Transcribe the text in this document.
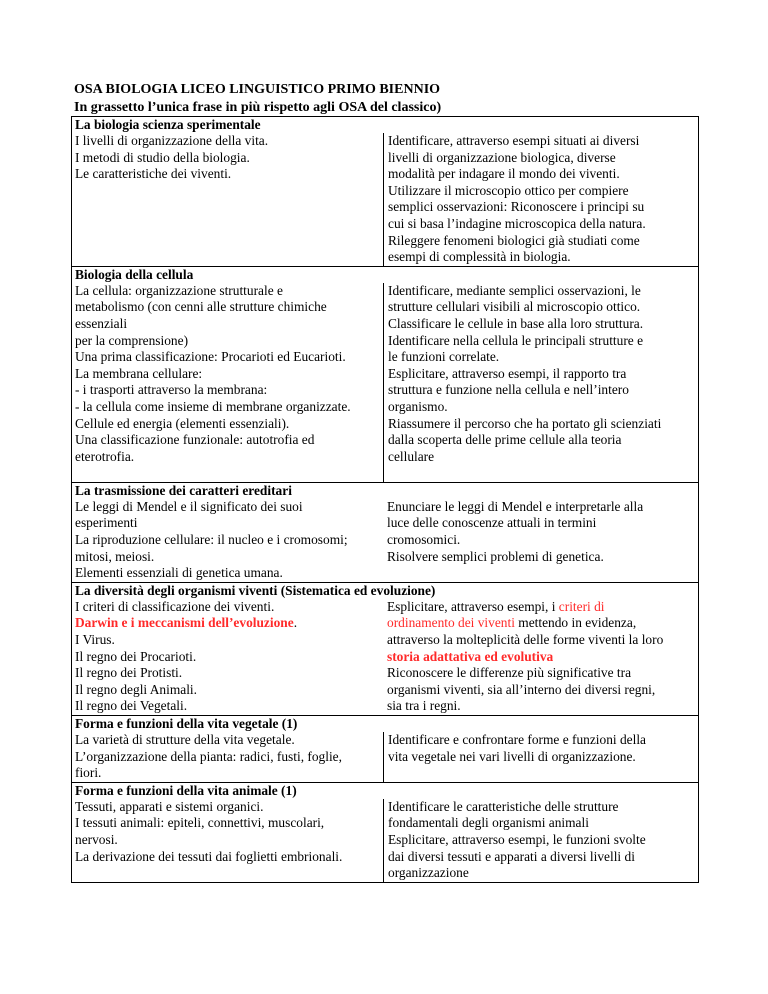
OSA BIOLOGIA LICEO LINGUISTICO PRIMO BIENNIO
In grassetto l’unica frase in più rispetto agli OSA del classico)
La biologia scienza sperimentale
I livelli di organizzazione della vita.
I metodi di studio della biologia.
Le caratteristiche dei viventi.
Identificare, attraverso esempi situati ai diversi
livelli di organizzazione biologica, diverse
modalità per indagare il mondo dei viventi.
Utilizzare il microscopio ottico per compiere
semplici osservazioni: Riconoscere i principi su
cui si basa l’indagine microscopica della natura.
Rileggere fenomeni biologici già studiati come
esempi di complessità in biologia.
Biologia della cellula
La cellula: organizzazione strutturale e
metabolismo (con cenni alle strutture chimiche
essenziali
per la comprensione)
Una prima classificazione: Procarioti ed Eucarioti.
La membrana cellulare:
- i trasporti attraverso la membrana:
- la cellula come insieme di membrane organizzate.
Cellule ed energia (elementi essenziali).
Una classificazione funzionale: autotrofia ed
eterotrofia.

Identificare, mediante semplici osservazioni, le
strutture cellulari visibili al microscopio ottico.
Classificare le cellule in base alla loro struttura.
Identificare nella cellula le principali strutture e
le funzioni correlate.
Esplicitare, attraverso esempi, il rapporto tra
struttura e funzione nella cellula e nell’intero
organismo.
Riassumere il percorso che ha portato gli scienziati
dalla scoperta delle prime cellule alla teoria
cellulare

La trasmissione dei caratteri ereditari
Le leggi di Mendel e il significato dei suoi
esperimenti
La riproduzione cellulare: il nucleo e i cromosomi;
mitosi, meiosi.
Elementi essenziali di genetica umana.
Enunciare le leggi di Mendel e interpretarle alla
luce delle conoscenze attuali in termini
cromosomici.
Risolvere semplici problemi di genetica.

La diversità degli organismi viventi (Sistematica ed evoluzione)
I criteri di classificazione dei viventi.
Darwin e i meccanismi dell’evoluzione.
I Virus.
Il regno dei Procarioti.
Il regno dei Protisti.
Il regno degli Animali.
Il regno dei Vegetali.
Esplicitare, attraverso esempi, i criteri di
ordinamento dei viventi mettendo in evidenza,
attraverso la molteplicità delle forme viventi la loro
storia adattativa ed evolutiva
Riconoscere le differenze più significative tra
organismi viventi, sia all’interno dei diversi regni,
sia tra i regni.
Forma e funzioni della vita vegetale (1)
La varietà di strutture della vita vegetale.
L’organizzazione della pianta: radici, fusti, foglie,
fiori.
Identificare e confrontare forme e funzioni della
vita vegetale nei vari livelli di organizzazione.

Forma e funzioni della vita animale (1)
Tessuti, apparati e sistemi organici.
I tessuti animali: epiteli, connettivi, muscolari,
nervosi.
La derivazione dei tessuti dai foglietti embrionali.
Identificare le caratteristiche delle strutture
fondamentali degli organismi animali
Esplicitare, attraverso esempi, le funzioni svolte
dai diversi tessuti e apparati a diversi livelli di
organizzazione
